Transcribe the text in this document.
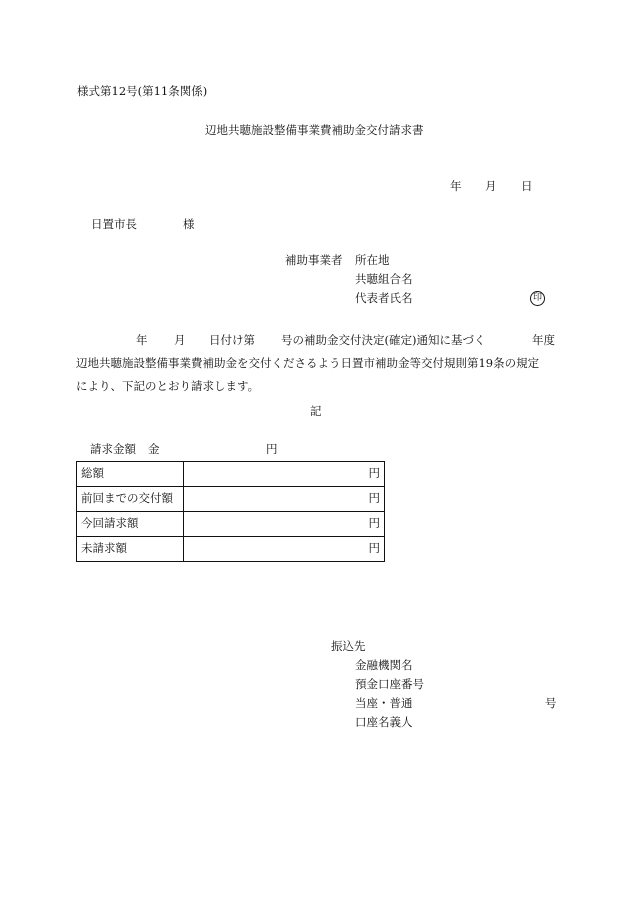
様式第12号(第11条関係)
辺地共聴施設整備事業費補助金交付請求書
年 月 日
日置市長	様
補助事業者 所在地
共聴組合名
代表者氏名	印
年 月 日付け第 号の補助金交付決定(確定)通知に基づく	年度
辺地共聴施設整備事業費補助金を交付くださるよう日置市補助金等交付規則第19条の規定
により、下記のとおり請求します。
記
請求金額 金	円
総額	円
前回までの交付額	円
今回請求額	円
未請求額	円
振込先
金融機関名
預金口座番号
当座・普通	号
口座名義人
